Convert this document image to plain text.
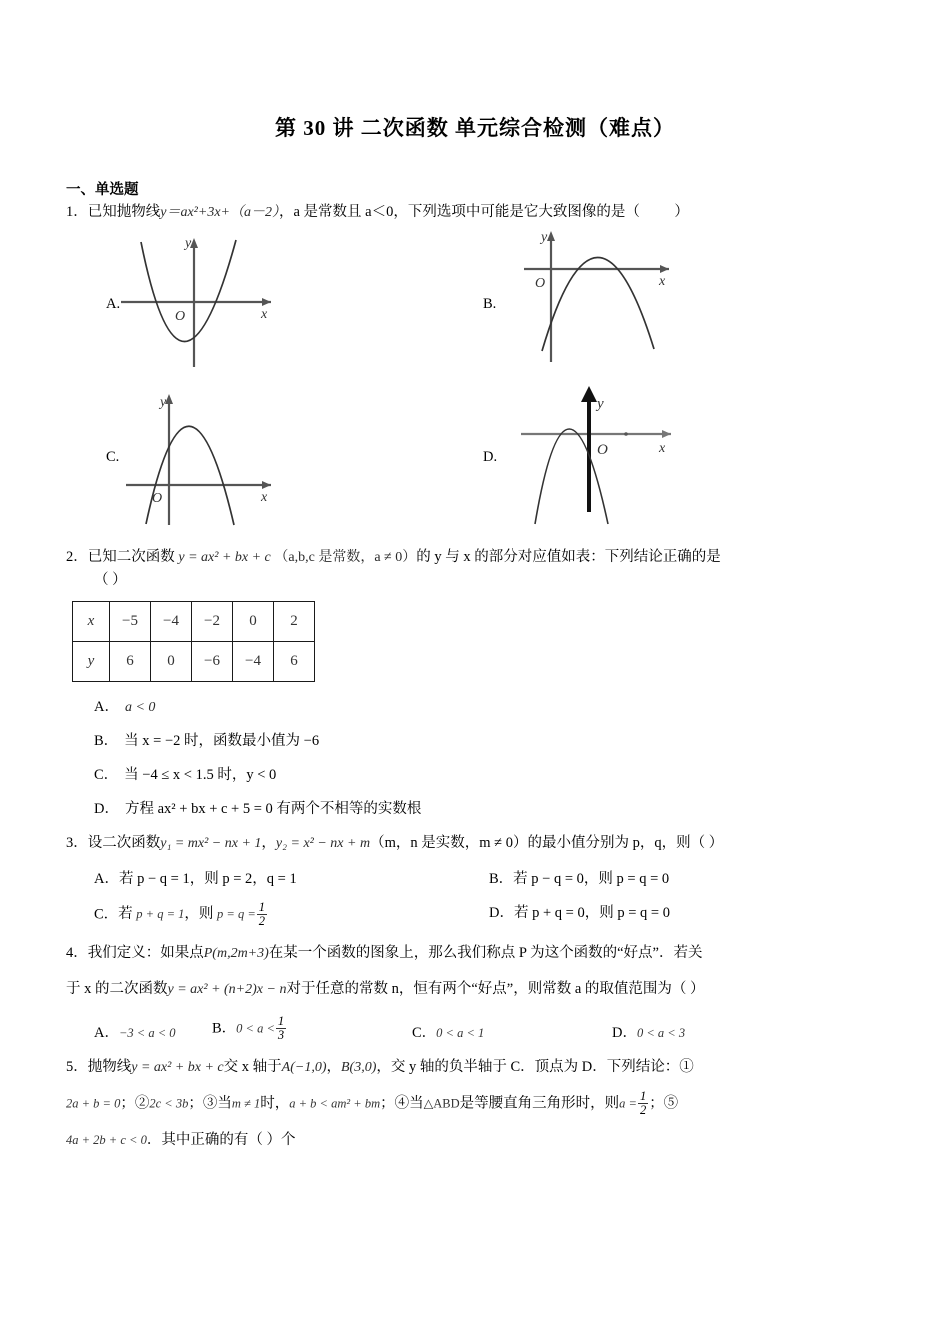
第 30 讲 二次函数 单元综合检测（难点）
一、单选题
1．已知抛物线y＝ax²+3x+（a－2），a 是常数且 a＜0，下列选项中可能是它大致图像的是（ ）
A.
y
x
O
B.
y
x
O
C.
y
x
O
D.
y
x
O
2．已知二次函数 y = ax² + bx + c （a,b,c 是常数，a ≠ 0）的 y 与 x 的部分对应值如表：下列结论正确的是
（ ）
x	−5	−4	−2	0	2
y	6	0	−6	−4	6
A． a < 0
B． 当 x = −2 时，函数最小值为 −6
C． 当 −4 ≤ x < 1.5 时，y < 0
D． 方程 ax² + bx + c + 5 = 0 有两个不相等的实数根
3．设二次函数y₁ = mx² − nx + 1，y₂ = x² − nx + m（m，n 是实数，m ≠ 0）的最小值分别为 p，q，则（ ）
A．若 p − q = 1，则 p = 2，q = 1	B．若 p − q = 0，则 p = q = 0
C．若 p + q = 1，则 $p = q = \frac{1}{2}$	D．若 p + q = 0，则 p = q = 0
4．我们定义：如果点P(m,2m+3)在某一个函数的图象上，那么我们称点 P 为这个函数的“好点”．若关
于 x 的二次函数y = ax² + (n+2)x − n对于任意的常数 n，恒有两个“好点”，则常数 a 的取值范围为（ ）
A．−3 < a < 0	B．$0 < a < \frac{1}{3}$	C．0 < a < 1	D．0 < a < 3
5．抛物线y = ax² + bx + c交 x 轴于A(−1,0)，B(3,0)，交 y 轴的负半轴于 C．顶点为 D．下列结论：①
2a + b = 0；②2c < 3b；③当m ≠ 1时，a + b < am² + bm；④当△ABD是等腰直角三角形时，则$a = \frac{1}{2}$ ；⑤
4a + 2b + c < 0．其中正确的有（ ）个
